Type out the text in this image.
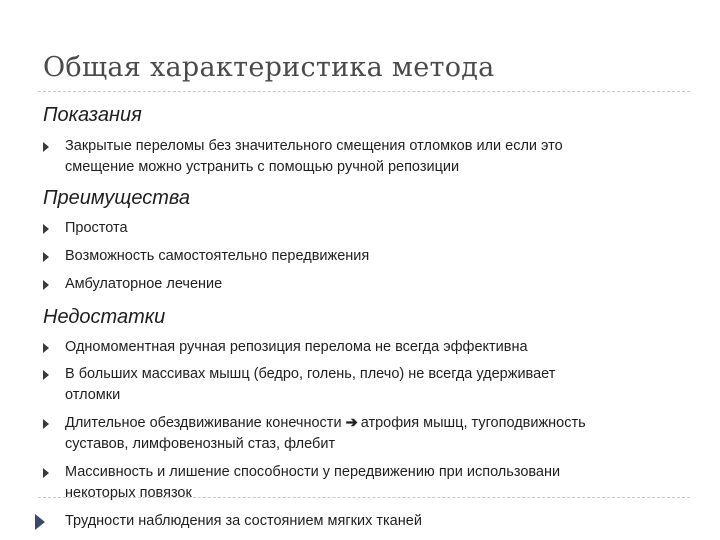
Общая характеристика метода
Показания
Закрытые переломы без значительного смещения отломков или если это
смещение можно устранить с помощью ручной репозиции
Преимущества
Простота
Возможность самостоятельно передвижения
Амбулаторное лечение
Недостатки
Одномоментная ручная репозиция перелома не всегда эффективна
В больших массивах мышц (бедро, голень, плечо) не всегда удерживает
отломки
Длительное обездвиживание конечности ➔ атрофия мышц, тугоподвижность
суставов, лимфовенозный стаз, флебит
Массивность и лишение способности у передвижению при использовани
некоторых повязок
Трудности наблюдения за состоянием мягких тканей
